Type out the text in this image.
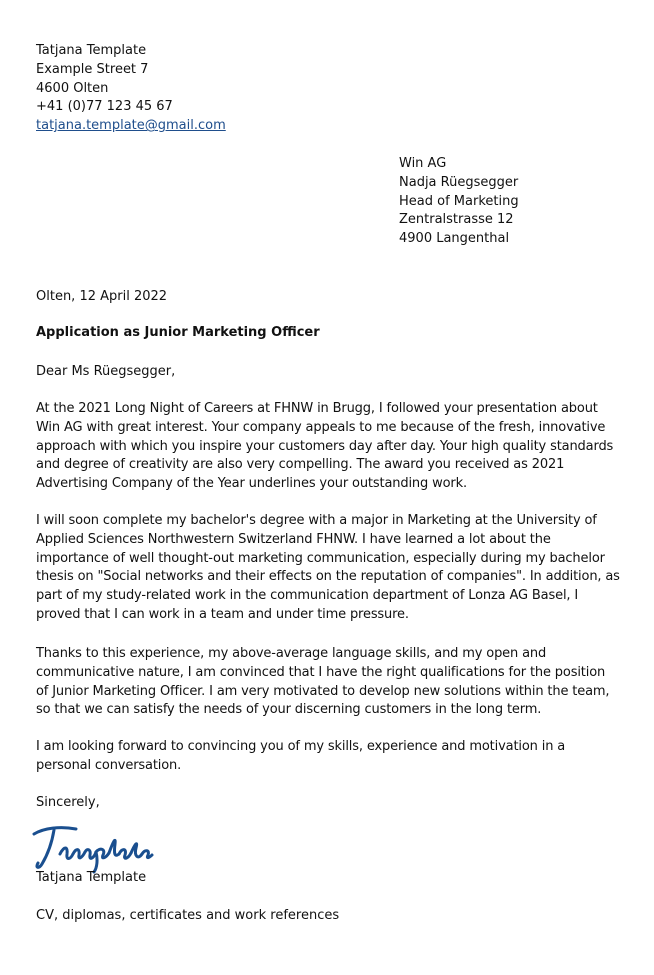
Tatjana Template
Example Street 7
4600 Olten
+41 (0)77 123 45 67
tatjana.template@gmail.com
Win AG
Nadja Rüegsegger
Head of Marketing
Zentralstrasse 12
4900 Langenthal
Olten, 12 April 2022
Application as Junior Marketing Officer
Dear Ms Rüegsegger,
At the 2021 Long Night of Careers at FHNW in Brugg, I followed your presentation about Win AG with great interest. Your company appeals to me because of the fresh, innovative approach with which you inspire your customers day after day. Your high quality standards and degree of creativity are also very compelling. The award you received as 2021 Advertising Company of the Year underlines your outstanding work.
I will soon complete my bachelor's degree with a major in Marketing at the University of Applied Sciences Northwestern Switzerland FHNW. I have learned a lot about the importance of well thought-out marketing communication, especially during my bachelor thesis on "Social networks and their effects on the reputation of companies". In addition, as part of my study-related work in the communication department of Lonza AG Basel, I proved that I can work in a team and under time pressure.
Thanks to this experience, my above-average language skills, and my open and communicative nature, I am convinced that I have the right qualifications for the position of Junior Marketing Officer. I am very motivated to develop new solutions within the team, so that we can satisfy the needs of your discerning customers in the long term.
I am looking forward to convincing you of my skills, experience and motivation in a personal conversation.
Sincerely,
Tatjana Template
CV, diplomas, certificates and work references
